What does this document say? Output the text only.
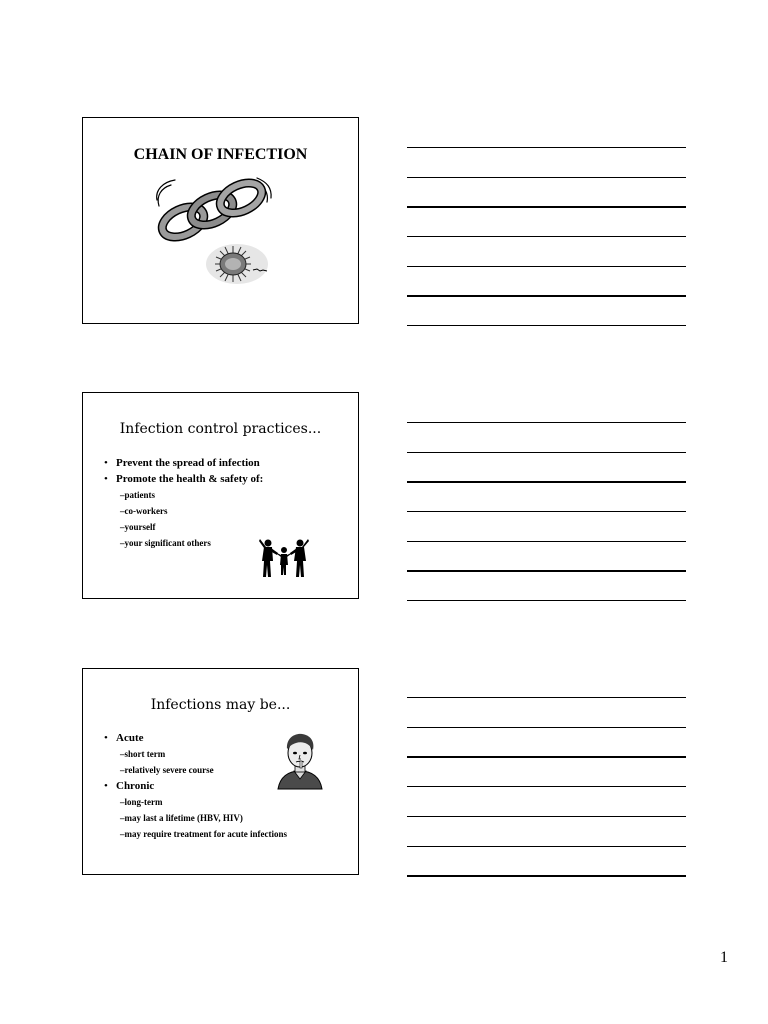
CHAIN OF INFECTION
Infection control practices...
• Prevent the spread of infection
• Promote the health & safety of:
– patients
– co-workers
– yourself
– your significant others
Infections may be...
• Acute
– short term
– relatively severe course
• Chronic
– long-term
– may last a lifetime (HBV, HIV)
– may require treatment for acute infections
1
